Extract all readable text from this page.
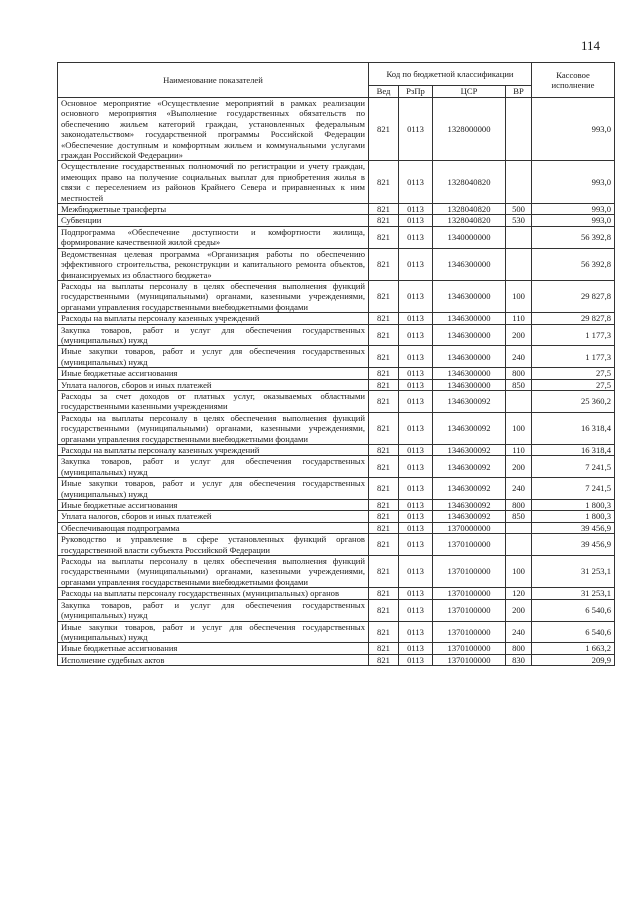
114
Наименование показателей	Код по бюджетной классификации				Кассовое исполнение
	Вед	РзПр	ЦСР	ВР	
Основное мероприятие «Осуществление мероприятий в рамках реализации основного мероприятия «Выполнение государственных обязательств по обеспечению жильем категорий граждан, установленных федеральным законодательством» государственной программы Российской Федерации «Обеспечение доступным и комфортным жильем и коммунальными услугами граждан Российской Федерации»	821	0113	1328000000		993,0
Осуществление государственных полномочий по регистрации и учету граждан, имеющих право на получение социальных выплат для приобретения жилья в связи с переселением из районов Крайнего Севера и приравненных к ним местностей	821	0113	1328040820		993,0
Межбюджетные трансферты	821	0113	1328040820	500	993,0
Субвенции	821	0113	1328040820	530	993,0
Подпрограмма «Обеспечение доступности и комфортности жилища, формирование качественной жилой среды»	821	0113	1340000000		56 392,8
Ведомственная целевая программа «Организация работы по обеспечению эффективного строительства, реконструкции и капитального ремонта объектов, финансируемых из областного бюджета»	821	0113	1346300000		56 392,8
Расходы на выплаты персоналу в целях обеспечения выполнения функций государственными (муниципальными) органами, казенными учреждениями, органами управления государственными внебюджетными фондами	821	0113	1346300000	100	29 827,8
Расходы на выплаты персоналу казенных учреждений	821	0113	1346300000	110	29 827,8
Закупка товаров, работ и услуг для обеспечения государственных (муниципальных) нужд	821	0113	1346300000	200	1 177,3
Иные закупки товаров, работ и услуг для обеспечения государственных (муниципальных) нужд	821	0113	1346300000	240	1 177,3
Иные бюджетные ассигнования	821	0113	1346300000	800	27,5
Уплата налогов, сборов и иных платежей	821	0113	1346300000	850	27,5
Расходы за счет доходов от платных услуг, оказываемых областными государственными казенными учреждениями	821	0113	1346300092		25 360,2
Расходы на выплаты персоналу в целях обеспечения выполнения функций государственными (муниципальными) органами, казенными учреждениями, органами управления государственными внебюджетными фондами	821	0113	1346300092	100	16 318,4
Расходы на выплаты персоналу казенных учреждений	821	0113	1346300092	110	16 318,4
Закупка товаров, работ и услуг для обеспечения государственных (муниципальных) нужд	821	0113	1346300092	200	7 241,5
Иные закупки товаров, работ и услуг для обеспечения государственных (муниципальных) нужд	821	0113	1346300092	240	7 241,5
Иные бюджетные ассигнования	821	0113	1346300092	800	1 800,3
Уплата налогов, сборов и иных платежей	821	0113	1346300092	850	1 800,3
Обеспечивающая подпрограмма	821	0113	1370000000		39 456,9
Руководство и управление в сфере установленных функций органов государственной власти субъекта Российской Федерации	821	0113	1370100000		39 456,9
Расходы на выплаты персоналу в целях обеспечения выполнения функций государственными (муниципальными) органами, казенными учреждениями, органами управления государственными внебюджетными фондами	821	0113	1370100000	100	31 253,1
Расходы на выплаты персоналу государственных (муниципальных) органов	821	0113	1370100000	120	31 253,1
Закупка товаров, работ и услуг для обеспечения государственных (муниципальных) нужд	821	0113	1370100000	200	6 540,6
Иные закупки товаров, работ и услуг для обеспечения государственных (муниципальных) нужд	821	0113	1370100000	240	6 540,6
Иные бюджетные ассигнования	821	0113	1370100000	800	1 663,2
Исполнение судебных актов	821	0113	1370100000	830	209,9
